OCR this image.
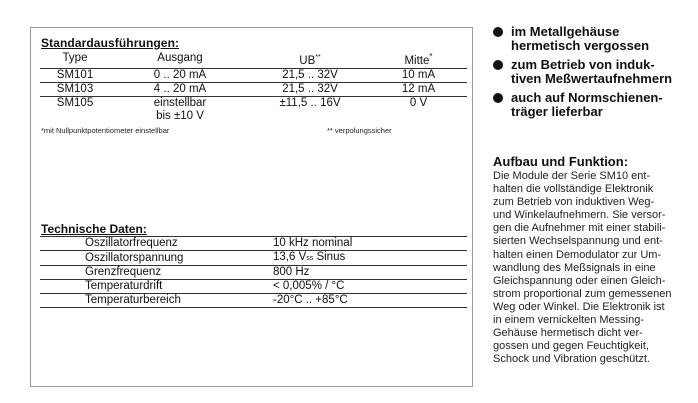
Standardausführungen:
Type	Ausgang	UB**	Mitte*
SM101	0 .. 20 mA	21,5 .. 32V	10 mA
SM103	4 .. 20 mA	21,5 .. 32V	12 mA
SM105	einstellbar	±11,5 .. 16V	0 V
	bis ±10 V		
*mit Nullpunktpotentiometer einstellbar	** verpolungssicher
Technische Daten:
Oszillatorfrequenz	10 kHz nominal
Oszillatorspannung	13,6 Vss Sinus
Grenzfrequenz	800 Hz
Temperaturdrift	< 0,005% / °C
Temperaturbereich	-20°C .. +85°C
im Metallgehäuse
hermetisch vergossen
zum Betrieb von induk-
tiven Meßwertaufnehmern
auch auf Normschienen-
träger lieferbar
Aufbau und Funktion:
Die Module der Serie SM10 ent-
halten die vollständige Elektronik
zum Betrieb von induktiven Weg-
und Winkelaufnehmern. Sie versor-
gen die Aufnehmer mit einer stabili-
sierten Wechselspannung und ent-
halten einen Demodulator zur Um-
wandlung des Meßsignals in eine
Gleichspannung oder einen Gleich-
strom proportional zum gemessenen
Weg oder Winkel. Die Elektronik ist
in einem vernickelten Messing-
Gehäuse hermetisch dicht ver-
gossen und gegen Feuchtigkeit,
Schock und Vibration geschützt.
